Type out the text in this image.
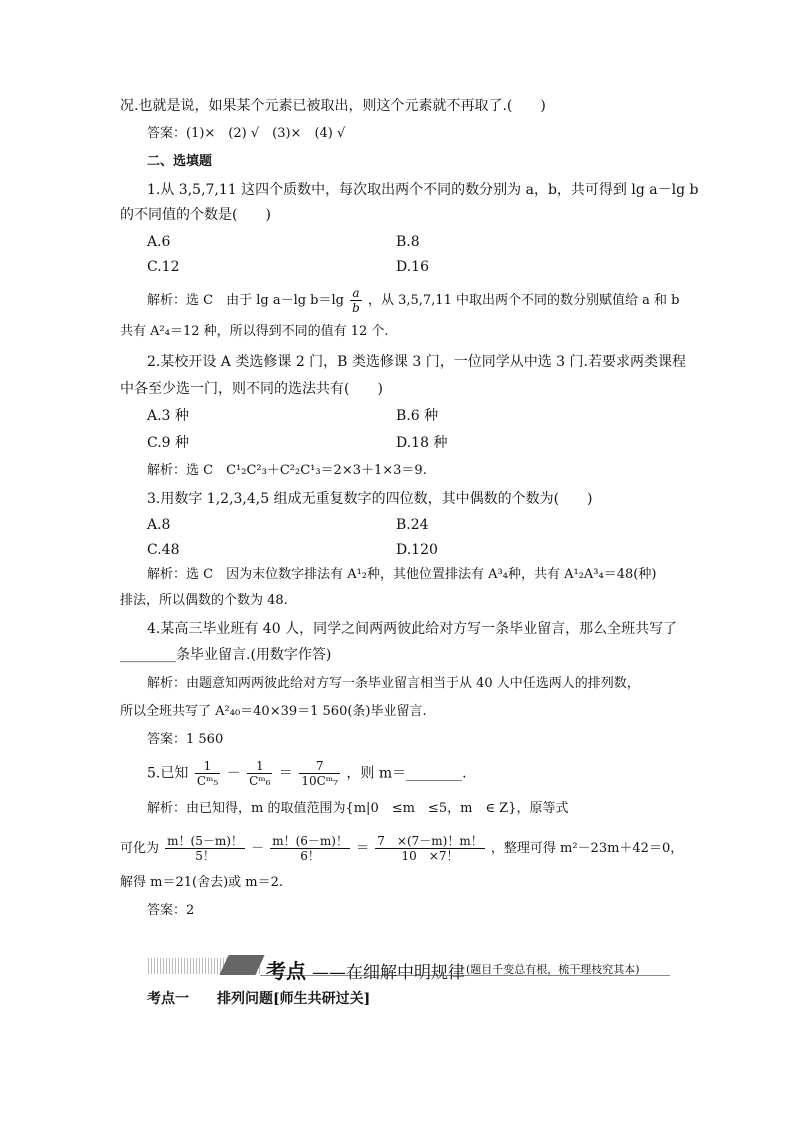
况.也就是说，如果某个元素已被取出，则这个元素就不再取了.(　　)
答案：(1)×　(2) √　(3)×　(4) √
二、选填题
1.从 3,5,7,11 这四个质数中，每次取出两个不同的数分别为 a，b，共可得到 lg a－lg b
的不同值的个数是(　　)
A.6	B.8
C.12	D.16
解析：选 C　由于 lg a－lg $b=\lg \frac{a}{b}$ ，从 3,5,7,11 中取出两个不同的数分别赋值给 a 和 b
共有 A²₄＝12 种，所以得到不同的值有 12 个.
2.某校开设 A 类选修课 2 门，B 类选修课 3 门，一位同学从中选 3 门.若要求两类课程
中各至少选一门，则不同的选法共有(　　)
A.3 种	B.6 种
C.9 种	D.18 种
解析：选 C　C¹₂C²₃＋C²₂C¹₃＝2×3＋1×3＝9.
3.用数字 1,2,3,4,5 组成无重复数字的四位数，其中偶数的个数为(　　)
A.8	B.24
C.48	D.120
解析：选 C　因为末位数字排法有 A¹₂种，其他位置排法有 A³₄种，共有 A¹₂A³₄＝48(种)
排法，所以偶数的个数为 48.
4.某高三毕业班有 40 人，同学之间两两彼此给对方写一条毕业留言，那么全班共写了
________条毕业留言.(用数字作答)
解析：由题意知两两彼此给对方写一条毕业留言相当于从 40 人中任选两人的排列数，
所以全班共写了 A²₄₀＝40×39＝1 560(条)毕业留言.
答案：1 560
5.已知 $\frac{1}{\text{Cᵐ₅}} - \frac{1}{\text{Cᵐ₆}} = \frac{7}{\text{10Cᵐ₇}}$ ，则 m＝________.
解析：由已知得，m 的取值范围为{m|0　≤m　≤5，m　∈ Z}，原等式
可化为 $\frac{m!(5-m)!}{5!} - \frac{m!(6-m)!}{6!} = \frac{7 \times(7-m)!m!}{10 \times 7!}$ ，整理可得 m²－23m＋42＝0，
解得 m＝21(舍去)或 m＝2.
答案：2
考点 ——在细解中明规律 (题目千变总有根，梳干理枝究其本)
考点一　　排列问题[师生共研过关]
